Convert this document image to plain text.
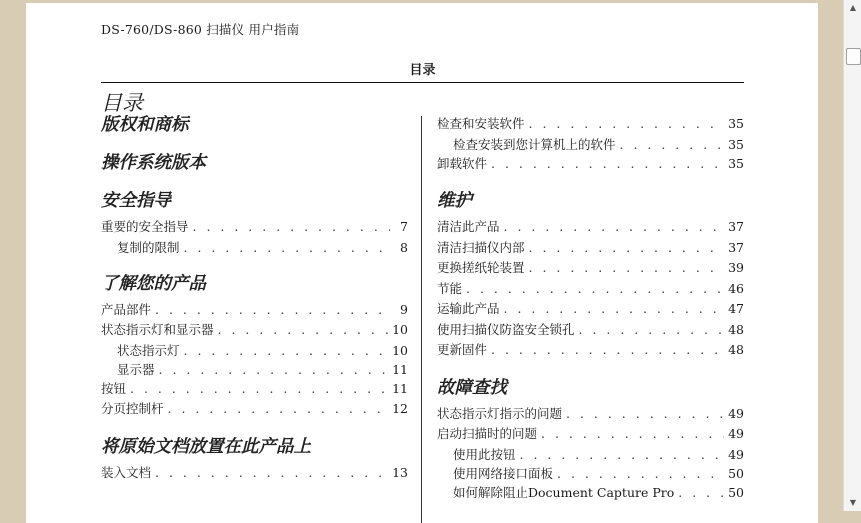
DS-760/DS-860 扫描仪 用户指南
目录
目录
版权和商标
操作系统版本
安全指导
重要的安全指导 . . .	7
复制的限制 . . .	8
了解您的产品
产品部件 . . .	9
状态指示灯和显示器 . . .	10
状态指示灯 . . .	10
显示器 . . .	11
按钮 . . .	11
分页控制杆 . . .	12
将原始文档放置在此产品上
装入文档 . . .	13
检查和安装软件 . . .	35
检查安装到您计算机上的软件 . . .	35
卸载软件 . . .	35
维护
清洁此产品 . . .	37
清洁扫描仪内部 . . .	37
更换搓纸轮装置 . . .	39
节能 . . .	46
运输此产品 . . .	47
使用扫描仪防盗安全锁孔 . . .	48
更新固件 . . .	48
故障查找
状态指示灯指示的问题 . . .	49
启动扫描时的问题 . . .	49
使用此按钮 . . .	49
使用网络接口面板 . . .	50
如何解除阻止Document Capture Pro . . .	50
▲
▼
